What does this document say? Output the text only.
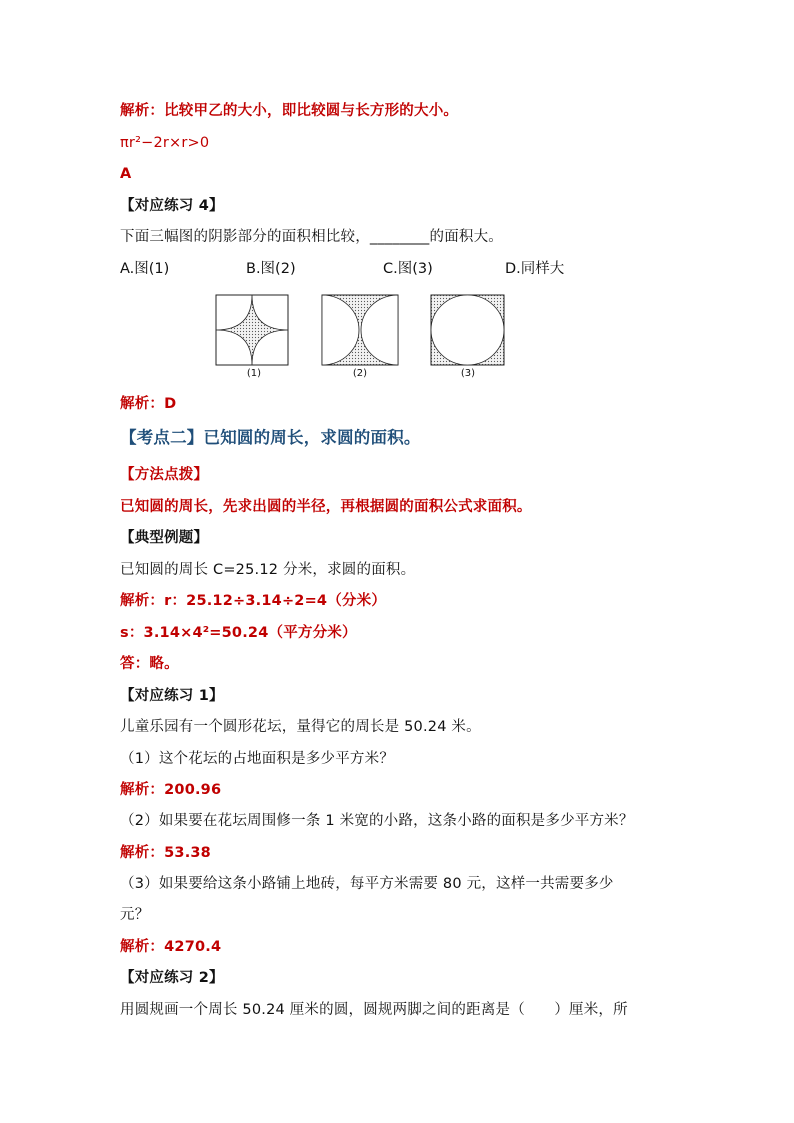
解析：比较甲乙的大小，即比较圆与长方形的大小。
πr²−2r×r>0
A
【对应练习 4】
下面三幅图的阴影部分的面积相比较，________的面积大。
A.图(1)	B.图(2)	C.图(3)	D.同样大
(1)	(2)	(3)
解析：D
【考点二】已知圆的周长，求圆的面积。
【方法点拨】
已知圆的周长，先求出圆的半径，再根据圆的面积公式求面积。
【典型例题】
已知圆的周长 C=25.12 分米，求圆的面积。
解析：r：25.12÷3.14÷2=4（分米）
s：3.14×4²=50.24（平方分米）
答：略。
【对应练习 1】
儿童乐园有一个圆形花坛，量得它的周长是 50.24 米。
（1）这个花坛的占地面积是多少平方米？
解析：200.96
（2）如果要在花坛周围修一条 1 米宽的小路，这条小路的面积是多少平方米？
解析：53.38
（3）如果要给这条小路铺上地砖，每平方米需要 80 元，这样一共需要多少
元？
解析：4270.4
【对应练习 2】
用圆规画一个周长 50.24 厘米的圆，圆规两脚之间的距离是（　　）厘米，所
